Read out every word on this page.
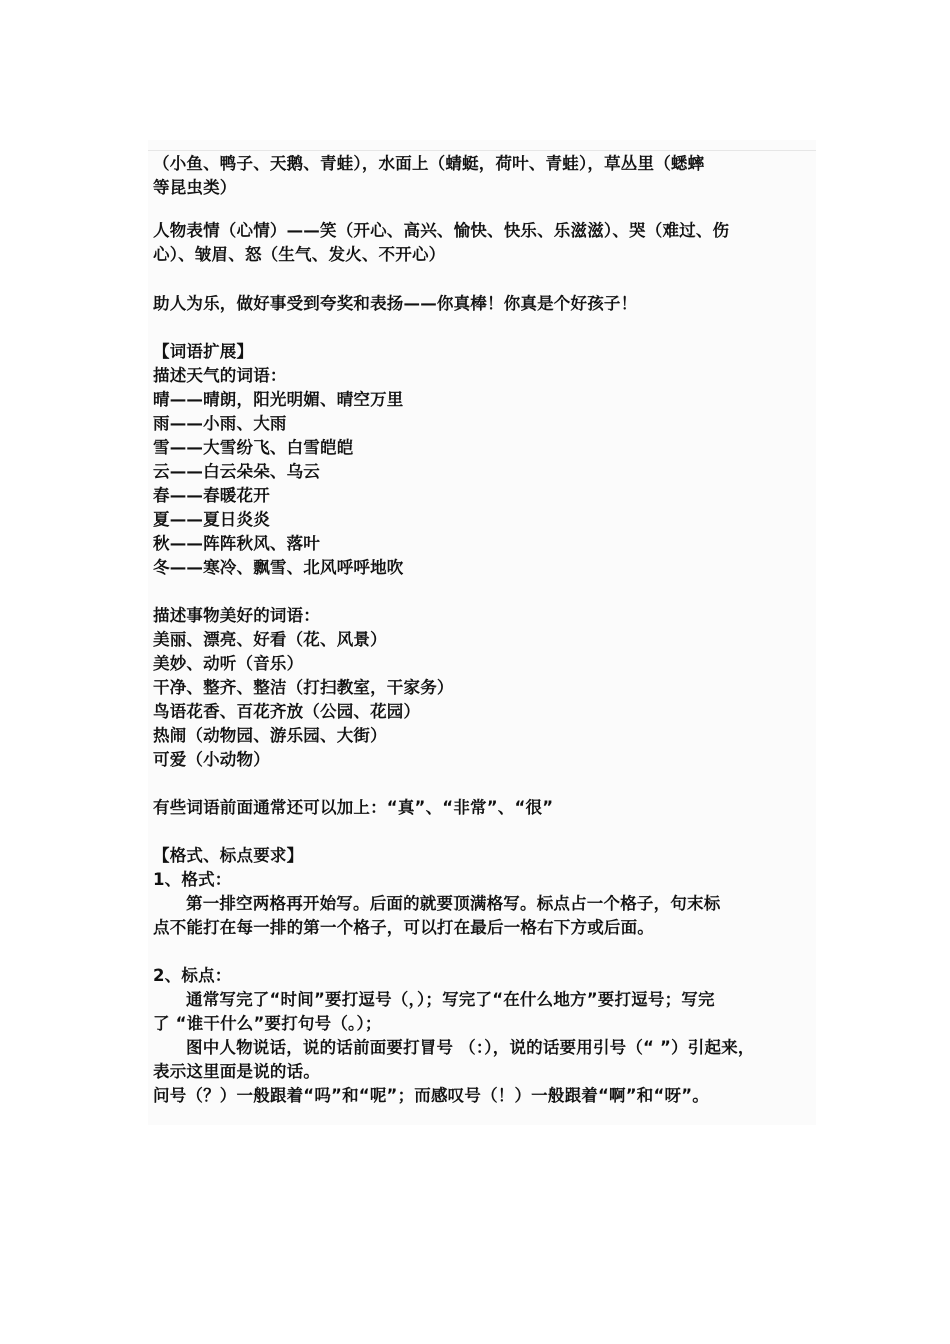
（小鱼、鸭子、天鹅、青蛙），水面上（蜻蜓，荷叶、青蛙），草丛里（蟋蟀
等昆虫类）
人物表情（心情）——笑（开心、高兴、愉快、快乐、乐滋滋）、哭（难过、伤
心）、皱眉、怒（生气、发火、不开心）
助人为乐，做好事受到夸奖和表扬——你真棒！你真是个好孩子！
【词语扩展】
描述天气的词语：
晴——晴朗，阳光明媚、晴空万里
雨——小雨、大雨
雪——大雪纷飞、白雪皑皑
云——白云朵朵、乌云
春——春暖花开
夏——夏日炎炎
秋——阵阵秋风、落叶
冬——寒冷、飘雪、北风呼呼地吹
描述事物美好的词语：
美丽、漂亮、好看（花、风景）
美妙、动听（音乐）
干净、整齐、整洁（打扫教室，干家务）
鸟语花香、百花齐放（公园、花园）
热闹（动物园、游乐园、大街）
可爱（小动物）
有些词语前面通常还可以加上：“真”、“非常”、“很”
【格式、标点要求】
1、格式：
第一排空两格再开始写。后面的就要顶满格写。标点占一个格子，句末标
点不能打在每一排的第一个格子，可以打在最后一格右下方或后面。
2、标点：
通常写完了“时间”要打逗号（，）；写完了“在什么地方”要打逗号；写完
了 “谁干什么”要打句号（。）；
图中人物说话，说的话前面要打冒号 （：），说的话要用引号（“ ”）引起来，
表示这里面是说的话。
问号（？）一般跟着“吗”和“呢”；而感叹号（！）一般跟着“啊”和“呀”。
